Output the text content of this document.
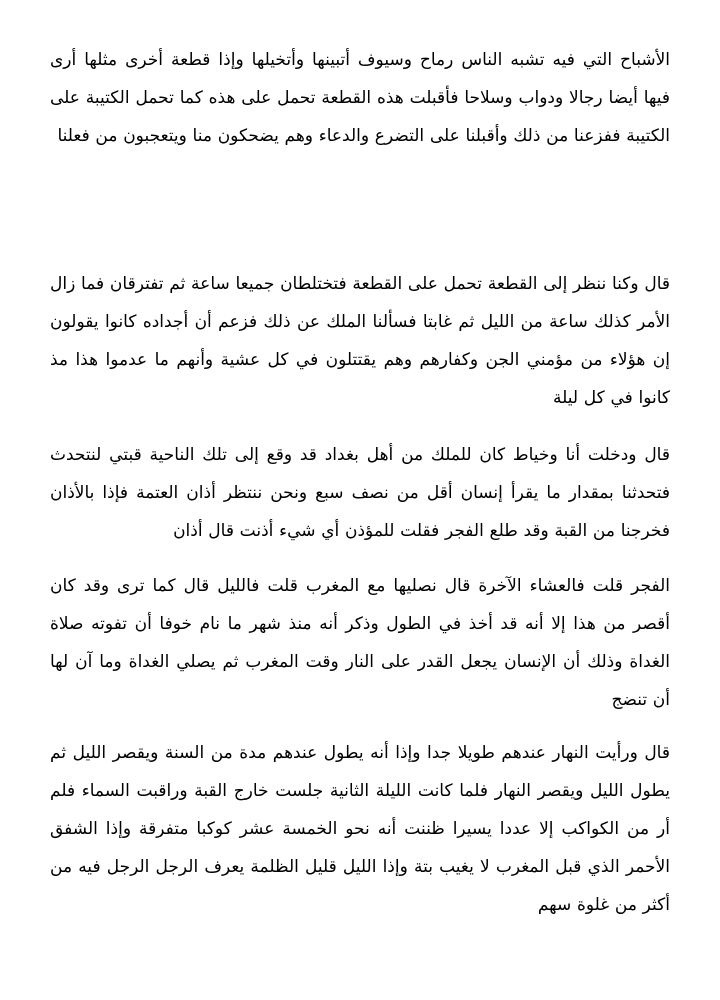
الأشباح التي فيه تشبه الناس رماح وسيوف أتبينها وأتخيلها وإذا قطعة أخرى مثلها أرى فيها أيضا رجالا ودواب وسلاحا فأقبلت هذه القطعة تحمل على هذه كما تحمل الكتيبة على الكتيبة ففزعنا من ذلك وأقبلنا على التضرع والدعاء وهم يضحكون منا ويتعجبون من فعلنا

قال وكنا ننظر إلى القطعة تحمل على القطعة فتختلطان جميعا ساعة ثم تفترقان فما زال الأمر كذلك ساعة من الليل ثم غابتا فسألنا الملك عن ذلك فزعم أن أجداده كانوا يقولون إن هؤلاء من مؤمني الجن وكفارهم وهم يقتتلون في كل عشية وأنهم ما عدموا هذا مذ كانوا في كل ليلة

قال ودخلت أنا وخياط كان للملك من أهل بغداد قد وقع إلى تلك الناحية قبتي لنتحدث فتحدثنا بمقدار ما يقرأ إنسان أقل من نصف سبع ونحن ننتظر أذان العتمة فإذا بالأذان فخرجنا من القبة وقد طلع الفجر فقلت للمؤذن أي شيء أذنت قال أذان

الفجر قلت فالعشاء الآخرة قال نصليها مع المغرب قلت فالليل قال كما ترى وقد كان أقصر من هذا إلا أنه قد أخذ في الطول وذكر أنه منذ شهر ما نام خوفا أن تفوته صلاة الغداة وذلك أن الإنسان يجعل القدر على النار وقت المغرب ثم يصلي الغداة وما آن لها أن تنضج

قال ورأيت النهار عندهم طويلا جدا وإذا أنه يطول عندهم مدة من السنة ويقصر الليل ثم يطول الليل ويقصر النهار فلما كانت الليلة الثانية جلست خارج القبة وراقبت السماء فلم أر من الكواكب إلا عددا يسيرا ظننت أنه نحو الخمسة عشر كوكبا متفرقة وإذا الشفق الأحمر الذي قبل المغرب لا يغيب بتة وإذا الليل قليل الظلمة يعرف الرجل الرجل فيه من أكثر من غلوة سهم
